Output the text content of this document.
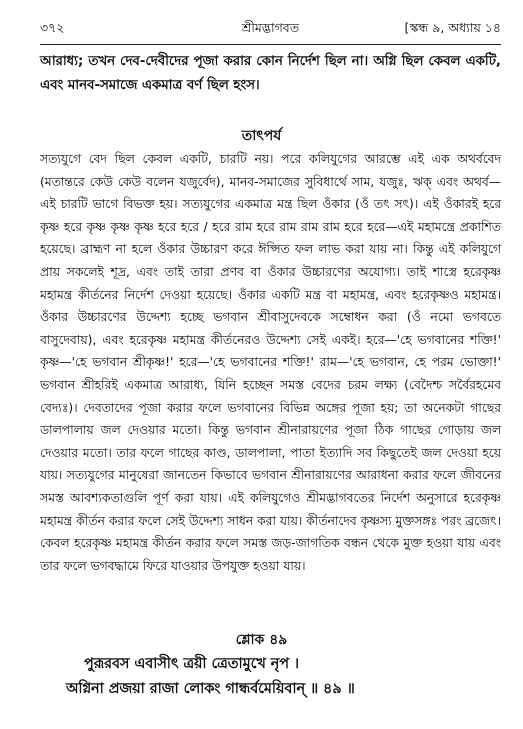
৩৭২	শ্রীমদ্ভাগবত	[স্কন্ধ ৯, অধ্যায় ১৪
আরাধ্য; তখন দেব-দেবীদের পূজা করার কোন নির্দেশ ছিল না। অগ্নি ছিল কেবল একটি, এবং মানব-সমাজে একমাত্র বর্ণ ছিল হংস।
তাৎপর্য

সত্যযুগে বেদ ছিল কেবল একটি, চারটি নয়। পরে কলিযুগের আরম্ভে এই এক অথর্ববেদ (মতান্তরে কেউ কেউ বলেন যজুর্বেদ), মানব-সমাজের সুবিধার্থে সাম, যজুঃ, ঋক্‌ এবং অথর্ব—এই চারটি ভাগে বিভক্ত হয়। সত্যযুগের একমাত্র মন্ত্র ছিল ওঁকার (ওঁ তৎ সৎ)। এই ওঁকারই হরে কৃষ্ণ হরে কৃষ্ণ কৃষ্ণ কৃষ্ণ হরে হরে / হরে রাম হরে রাম রাম রাম হরে হরে—এই মহামন্ত্রে প্রকাশিত হয়েছে। ব্রাহ্মণ না হলে ওঁকার উচ্চারণ করে ঈপ্সিত ফল লাভ করা যায় না। কিন্তু এই কলিযুগে প্রায় সকলেই শূদ্র, এবং তাই তারা প্রণব বা ওঁকার উচ্চারণের অযোগ্য। তাই শাস্ত্রে হরেকৃষ্ণ মহামন্ত্র কীর্তনের নির্দেশ দেওয়া হয়েছে। ওঁকার একটি মন্ত্র বা মহামন্ত্র, এবং হরেকৃষ্ণও মহামন্ত্র। ওঁকার উচ্চারণের উদ্দেশ্য হচ্ছে ভগবান শ্রীবাসুদেবকে সম্বোধন করা (ওঁ নমো ভগবতে বাসুদেবায়), এবং হরেকৃষ্ণ মহামন্ত্র কীর্তনেরও উদ্দেশ্য সেই একই। হরে—'হে ভগবানের শক্তি!' কৃষ্ণ—'হে ভগবান শ্রীকৃষ্ণ!' হরে—'হে ভগবানের শক্তি!' রাম—'হে ভগবান, হে পরম ভোক্তা!' ভগবান শ্রীহরিই একমাত্র আরাধ্য, যিনি হচ্ছেন সমস্ত বেদের চরম লক্ষ্য (বেদৈশ্চ সর্বৈরহমেব বেদ্যঃ)। দেবতাদের পূজা করার ফলে ভগবানের বিভিন্ন অঙ্গের পূজা হয়; তা অনেকটা গাছের ডালপালায় জল দেওয়ার মতো। কিন্তু ভগবান শ্রীনারায়ণের পূজা ঠিক গাছের গোড়ায় জল দেওয়ার মতো। তার ফলে গাছের কাণ্ড, ডালপালা, পাতা ইত্যাদি সব কিছুতেই জল দেওয়া হয়ে যায়। সত্যযুগের মানুষেরা জানতেন কিভাবে ভগবান শ্রীনারায়ণের আরাধনা করার ফলে জীবনের সমস্ত আবশ্যকতাগুলি পূর্ণ করা যায়। এই কলিযুগেও শ্রীমদ্ভাগবতের নির্দেশ অনুসারে হরেকৃষ্ণ মহামন্ত্র কীর্তন করার ফলে সেই উদ্দেশ্য সাধন করা যায়। কীর্তনাদেব কৃষ্ণস্য মুক্তসঙ্গঃ পরং ব্রজেৎ। কেবল হরেকৃষ্ণ মহামন্ত্র কীর্তন করার ফলে সমস্ত জড়-জাগতিক বন্ধন থেকে মুক্ত হওয়া যায় এবং তার ফলে ভগবদ্ধামে ফিরে যাওয়ার উপযুক্ত হওয়া যায়।

শ্লোক ৪৯
পুরূরবস এবাসীৎ ত্রয়ী ত্রেতামুখে নৃপ ।
অগ্নিনা প্রজয়া রাজা লোকং গান্ধর্বমেয়িবান্‌ ॥ ৪৯ ॥
